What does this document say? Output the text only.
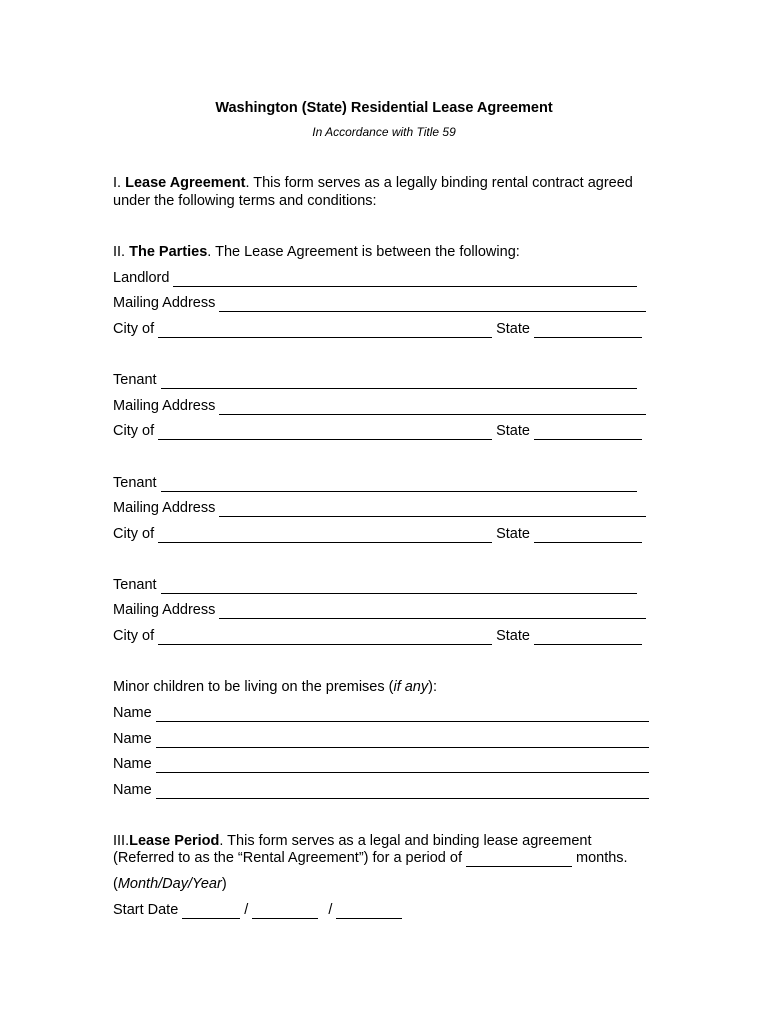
Washington (State) Residential Lease Agreement
In Accordance with Title 59
I. Lease Agreement. This form serves as a legally binding rental contract agreed under the following terms and conditions:
II. The Parties. The Lease Agreement is between the following:
Landlord
Mailing Address
City of	State
Tenant
Mailing Address
City of	State
Tenant
Mailing Address
City of	State
Tenant
Mailing Address
City of	State
Minor children to be living on the premises ( if any ):
Name
Name
Name
Name
III. Lease Period . This form serves as a legal and binding lease agreement
(Referred to as the “Rental Agreement”) for a period of	months.
( Month/Day/Year )
Start Date	/	/
